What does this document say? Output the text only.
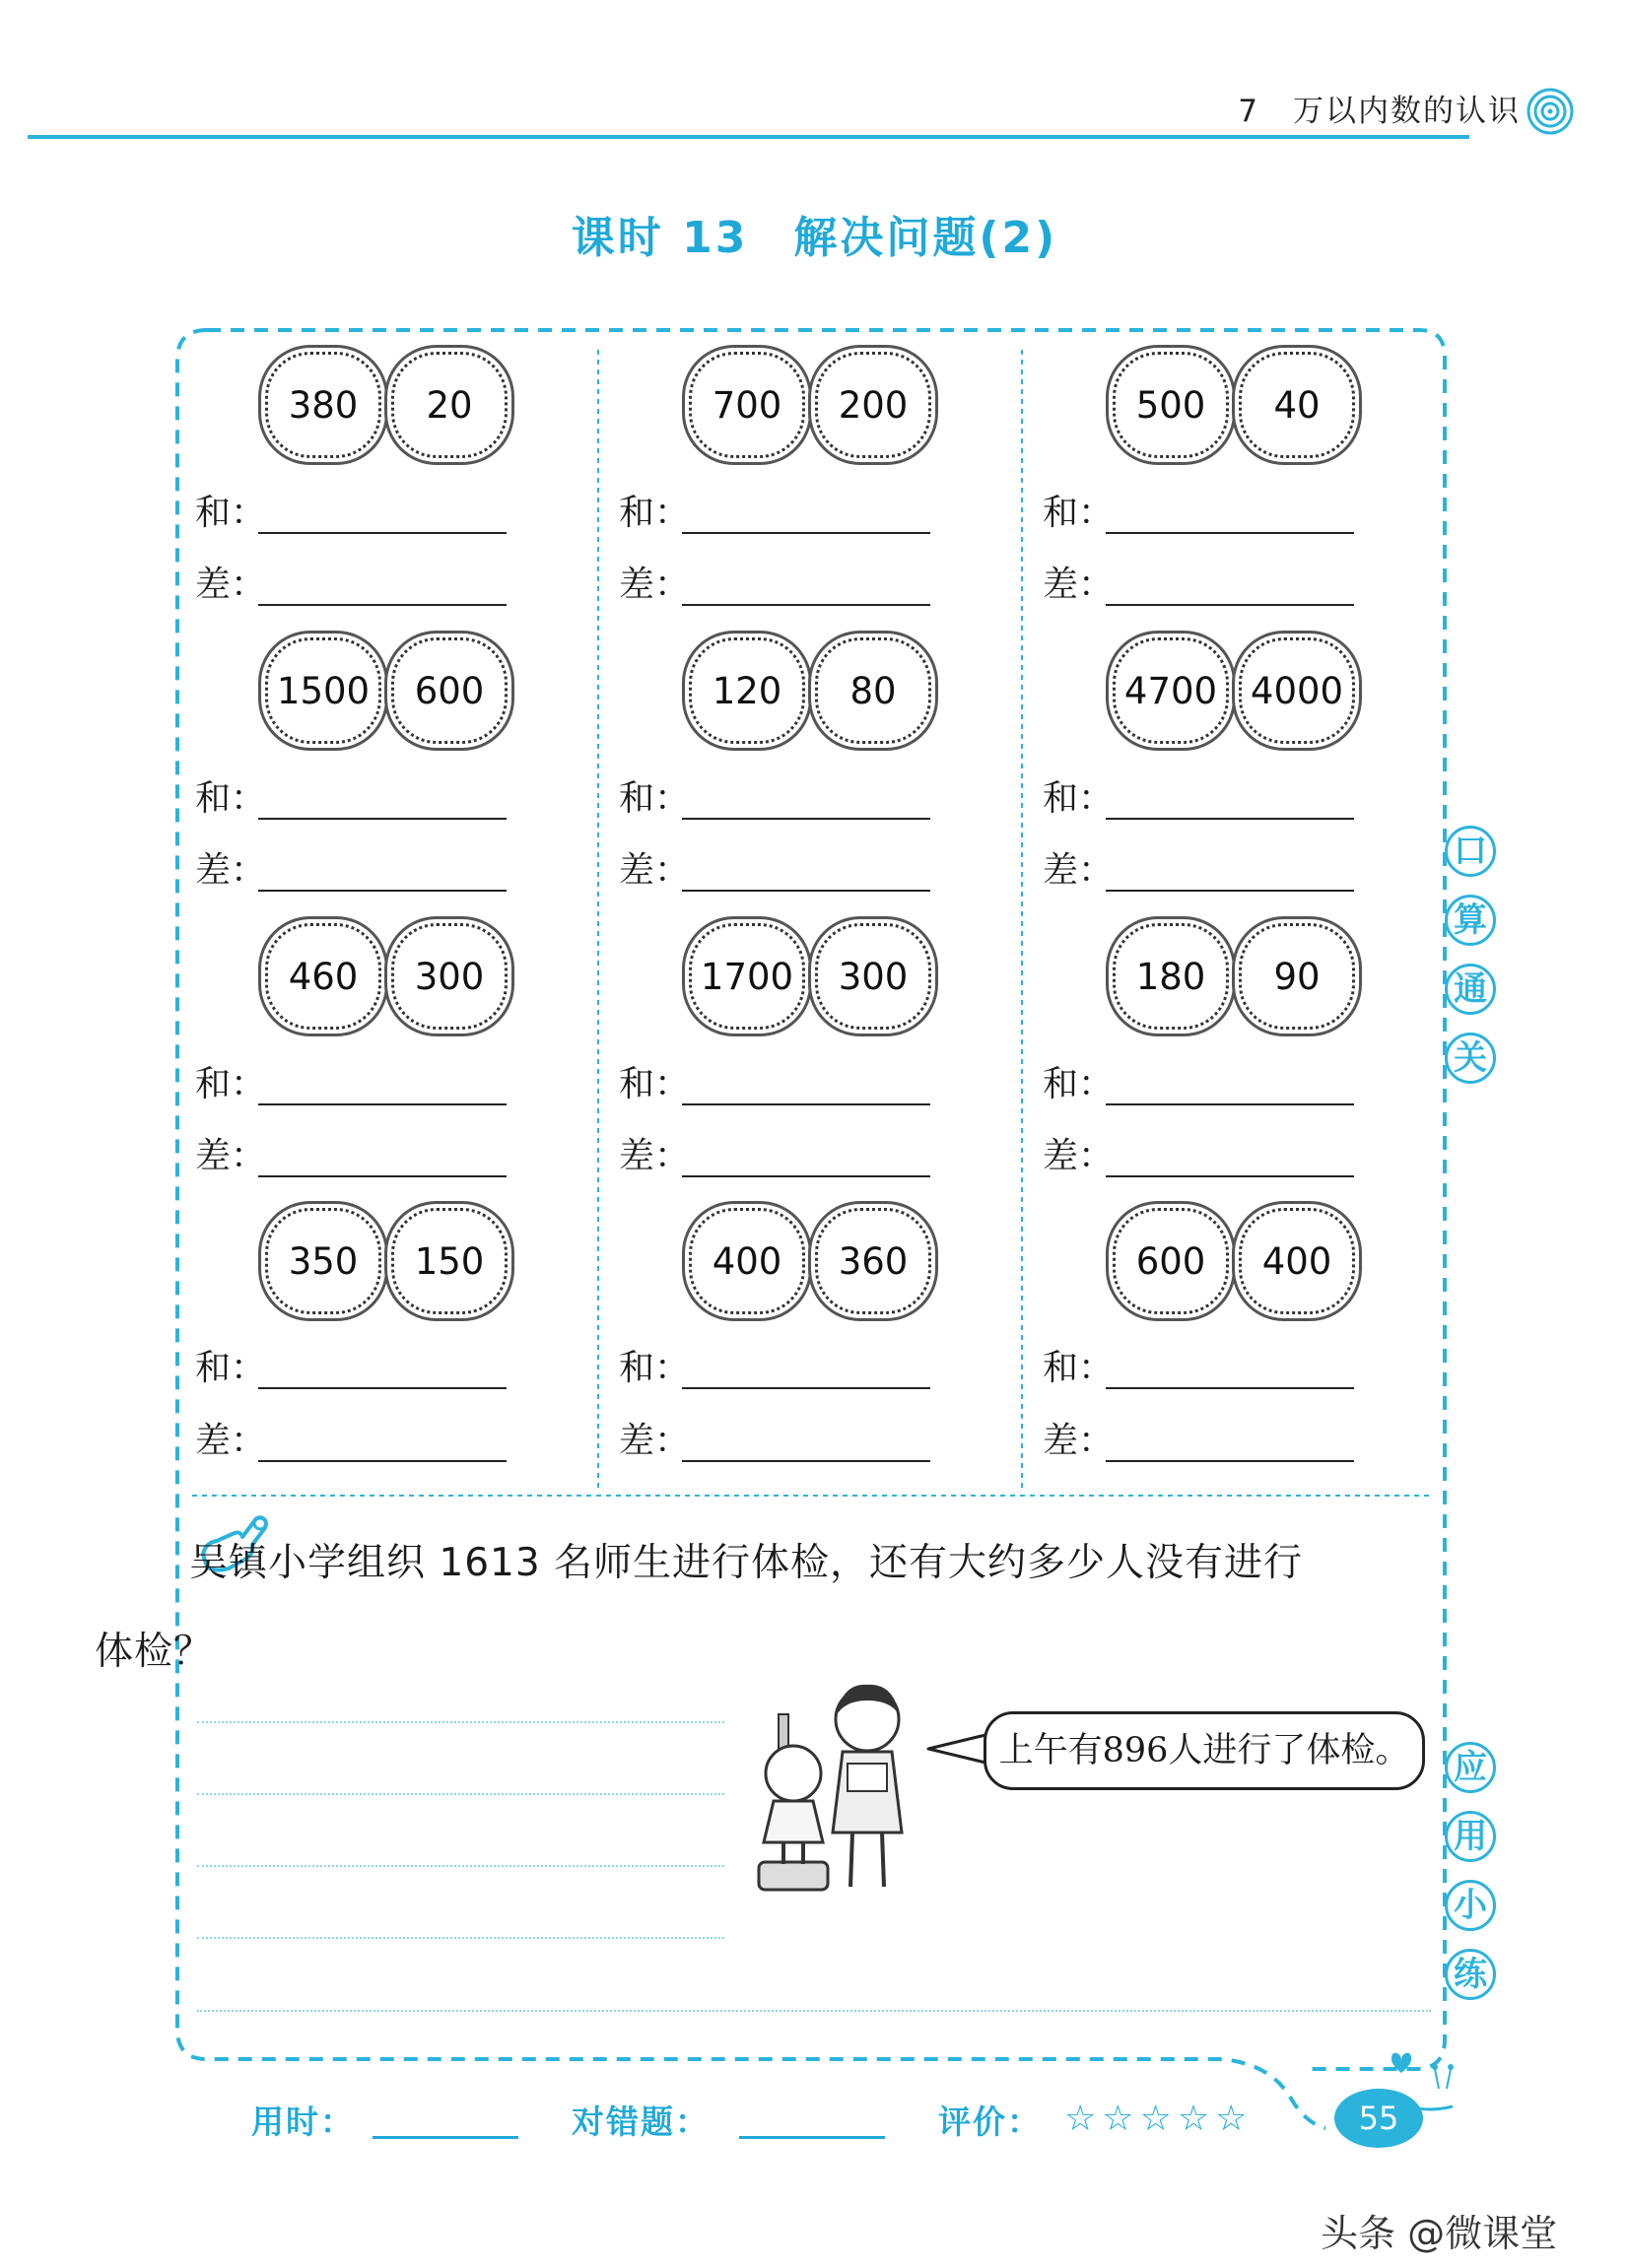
7 万以内数的认识
课时 13 解决问题(2)
380	20	700	200	500	40
和：	和：	和：
差：	差：	差：
1500	600	120	80	4700 4000
和：	和：	和：
差：	差：	差：
460	300	1700	300	180	90
和：	和：	和：
差：	差：	差：
350	150	400	360	600	400
和：	和：	和：
差：	差：	差：
吴镇小学组织 1613 名师生进行体检，还有大约多少人没有进行体检？
上午有896人进行了体检。
口
算
通
关
应
用
小
练
用时：	对错题：	评价： ☆☆☆☆☆	55
头条 @微课堂
